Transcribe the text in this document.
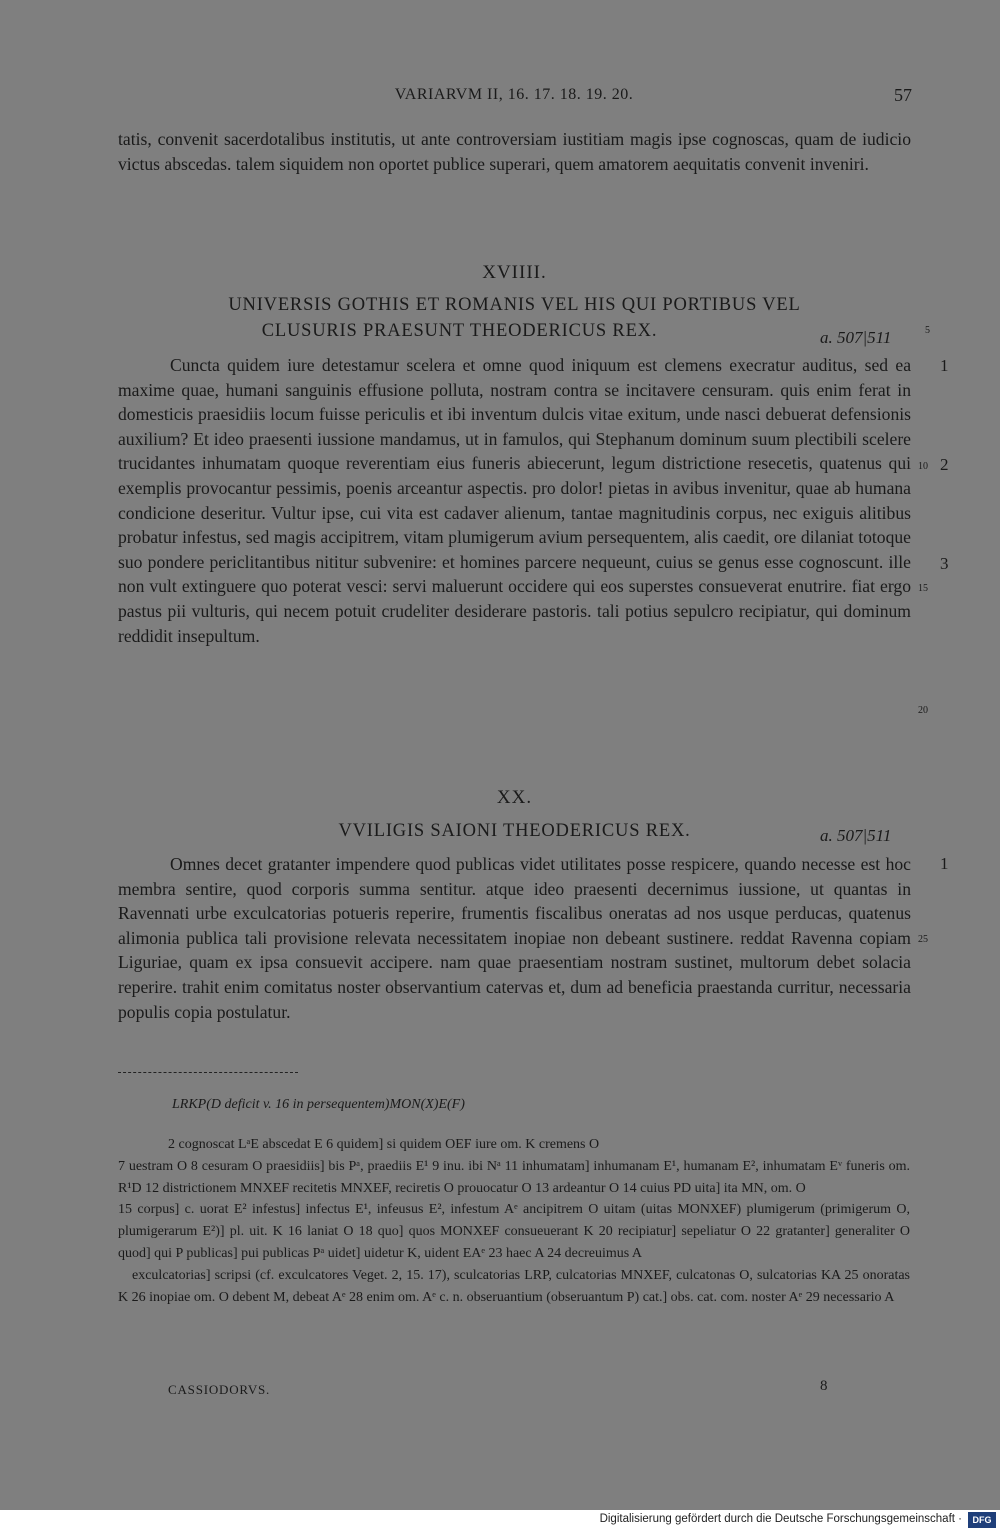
VARIARVM II, 16. 17. 18. 19. 20.	57

tatis, convenit sacerdotalibus institutis, ut ante controversiam iustitiam magis ipse cognoscas, quam de iudicio victus abscedas. talem siquidem non oportet publice superari, quem amatorem aequitatis convenit inveniri.

XVIIII.
UNIVERSIS GOTHIS ET ROMANIS VEL HIS QUI PORTIBUS VEL
CLUSURIS PRAESUNT THEODERICUS REX.	a. 507|511

Cuncta quidem iure detestamur scelera et omne quod iniquum est clemens execratur auditus, sed ea maxime quae, humani sanguinis effusione polluta, nostram contra se incitavere censuram. quis enim ferat in domesticis praesidiis locum fuisse periculis et ibi inventum dulcis vitae exitum, unde nasci debuerat defensionis auxilium? Et ideo praesenti iussione mandamus, ut in famulos, qui Stephanum dominum suum plectibili scelere trucidantes inhumatam quoque reverentiam eius funeris abiecerunt, legum districtione resecetis, quatenus qui exemplis provocantur pessimis, poenis arceantur aspectis. pro dolor! pietas in avibus invenitur, quae ab humana condicione deseritur. Vultur ipse, cui vita est cadaver alienum, tantae magnitudinis corpus, nec exiguis alitibus probatur infestus, sed magis accipitrem, vitam plumigerum avium persequentem, alis caedit, ore dilaniat totoque suo pondere periclitantibus nititur subvenire: et homines parcere nequeunt, cuius se genus esse cognoscunt. ille non vult extinguere quo poterat vesci: servi maluerunt occidere qui eos superstes consueverat enutrire. fiat ergo pastus pii vulturis, qui necem potuit crudeliter desiderare pastoris. tali potius sepulcro recipiatur, qui dominum reddidit insepultum.

XX.
VVILIGIS SAIONI THEODERICUS REX.	a. 507|511

Omnes decet gratanter impendere quod publicas videt utilitates posse respicere, quando necesse est hoc membra sentire, quod corporis summa sentitur. atque ideo praesenti decernimus iussione, ut quantas in Ravennati urbe exculcatorias potueris reperire, frumentis fiscalibus oneratas ad nos usque perducas, quatenus alimonia publica tali provisione relevata necessitatem inopiae non debeant sustinere. reddat Ravenna copiam Liguriae, quam ex ipsa consuevit accipere. nam quae praesentiam nostram sustinet, multorum debet solacia reperire. trahit enim comitatus noster observantium catervas et, dum ad beneficia praestanda curritur, necessaria populis copia postulatur.

5
10
15
20
25
1
2
3
1
LRKP(D deficit v. 16 in persequentem)MON(X)E(F)

2 cognoscat LᵃE abscedat E 6 quidem] si quidem OEF iure om. K cremens O

7 uestram O 8 cesuram O praesidiis] bis Pᵃ, praediis E¹ 9 inu. ibi Nᵃ 11 inhumatam] inhumanam E¹, humanam E², inhumatam Eᵛ funeris om. R¹D 12 districtionem MNXEF recitetis MNXEF, reciretis O prouocatur O 13 ardeantur O 14 cuius PD uita] ita MN, om. O

15 corpus] c. uorat E² infestus] infectus E¹, infeusus E², infestum Aᵉ ancipitrem O uitam (uitas MONXEF) plumigerum (primigerum O, plumigerarum E²)] pl. uit. K 16 laniat O 18 quo] quos MONXEF consueuerant K 20 recipiatur] sepeliatur O 22 gratanter] generaliter O quod] qui P publicas] pui publicas Pᵃ uidet] uidetur K, uident EAᵉ 23 haec A 24 decreuimus A

exculcatorias] scripsi (cf. exculcatores Veget. 2, 15. 17), sculcatorias LRP, culcatorias MNXEF, culcatonas O, sulcatorias KA 25 onoratas K 26 inopiae om. O debent M, debeat Aᵉ 28 enim om. Aᵉ c. n. obseruantium (obseruantum P) cat.] obs. cat. com. noster Aᵉ 29 necessario A

CASSIODORVS.	8
Digitalisierung gefördert durch die Deutsche Forschungsgemeinschaft ·	DFG
